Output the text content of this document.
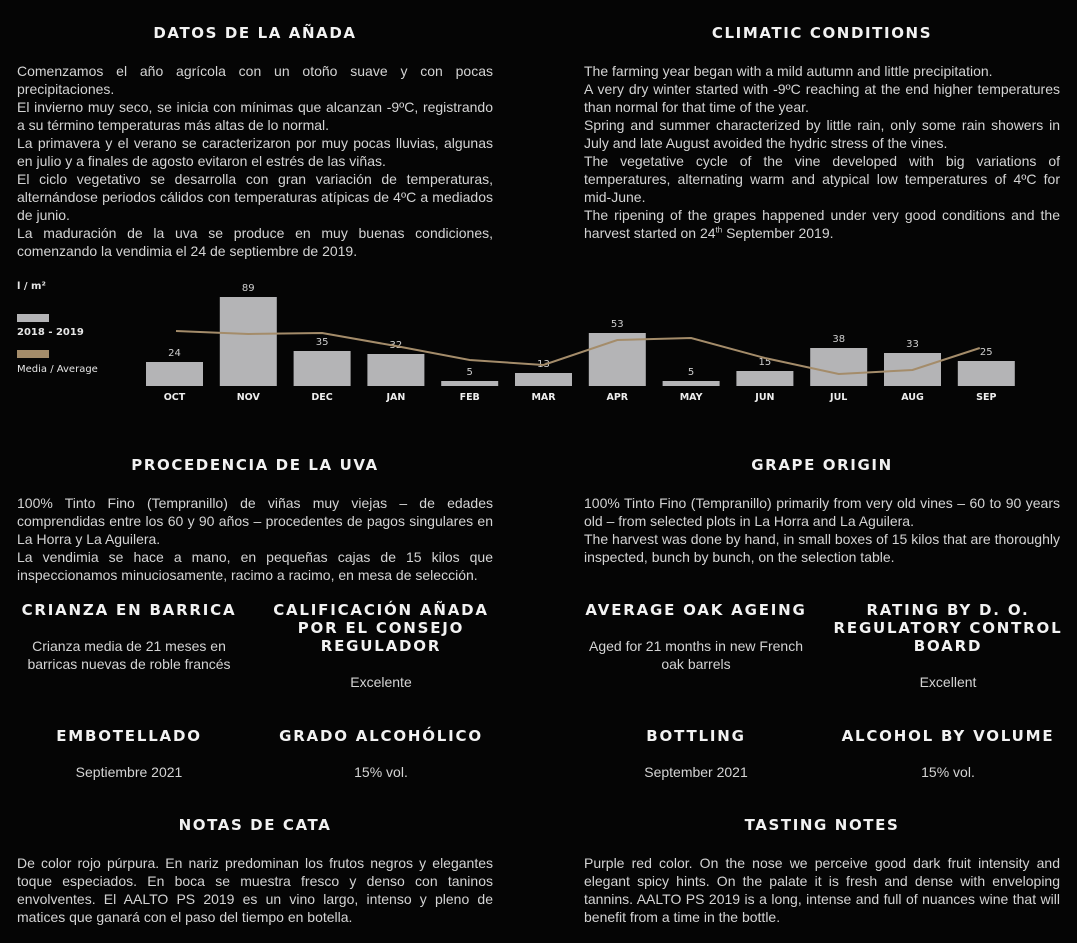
DATOS DE LA AÑADA
Comenzamos el año agrícola con un otoño suave y con pocas precipitaciones.
El invierno muy seco, se inicia con mínimas que alcanzan -9ºC, registrando a su término temperaturas más altas de lo normal.
La primavera y el verano se caracterizaron por muy pocas lluvias, algunas en julio y a finales de agosto evitaron el estrés de las viñas.
El ciclo vegetativo se desarrolla con gran variación de temperaturas, alternándose periodos cálidos con temperaturas atípicas de 4ºC a mediados de junio.
La maduración de la uva se produce en muy buenas condiciones, comenzando la vendimia el 24 de septiembre de 2019.
CLIMATIC CONDITIONS
The farming year began with a mild autumn and little precipitation.
A very dry winter started with -9ºC reaching at the end higher temperatures than normal for that time of the year.
Spring and summer characterized by little rain, only some rain showers in July and late August avoided the hydric stress of the vines.
The vegetative cycle of the vine developed with big variations of temperatures, alternating warm and atypical low temperatures of 4ºC for mid-June.
The ripening of the grapes happened under very good conditions and the harvest started on 24th September 2019.

l / m²

2018 - 2019

Media / Average

24
OCT
89
NOV
35
DEC
32
JAN
5
FEB
13
MAR
53
APR
5
MAY
15
JUN
38
JUL
33
AUG
25
SEP
PROCEDENCIA DE LA UVA
100% Tinto Fino (Tempranillo) de viñas muy viejas – de edades comprendidas entre los 60 y 90 años – procedentes de pagos singulares en La Horra y La Aguilera.
La vendimia se hace a mano, en pequeñas cajas de 15 kilos que inspeccionamos minuciosamente, racimo a racimo, en mesa de selección.
GRAPE ORIGIN
100% Tinto Fino (Tempranillo) primarily from very old vines – 60 to 90 years old – from selected plots in La Horra and La Aguilera.
The harvest was done by hand, in small boxes of 15 kilos that are thoroughly inspected, bunch by bunch, on the selection table.
CRIANZA EN BARRICA

Crianza media de 21 meses en barricas nuevas de roble francés

CALIFICACIÓN AÑADA POR EL CONSEJO REGULADOR

Excelente

EMBOTELLADO

Septiembre 2021

GRADO ALCOHÓLICO

15% vol.

AVERAGE OAK AGEING

Aged for 21 months in new French oak barrels

RATING BY D. O. REGULATORY CONTROL BOARD

Excellent

BOTTLING

September 2021

ALCOHOL BY VOLUME

15% vol.

NOTAS DE CATA

De color rojo púrpura. En nariz predominan los frutos negros y elegantes toque especiados. En boca se muestra fresco y denso con taninos envolventes. El AALTO PS 2019 es un vino largo, intenso y pleno de matices que ganará con el paso del tiempo en botella.

TASTING NOTES

Purple red color. On the nose we perceive good dark fruit intensity and elegant spicy hints. On the palate it is fresh and dense with enveloping tannins. AALTO PS 2019 is a long, intense and full of nuances wine that will benefit from a time in the bottle.
